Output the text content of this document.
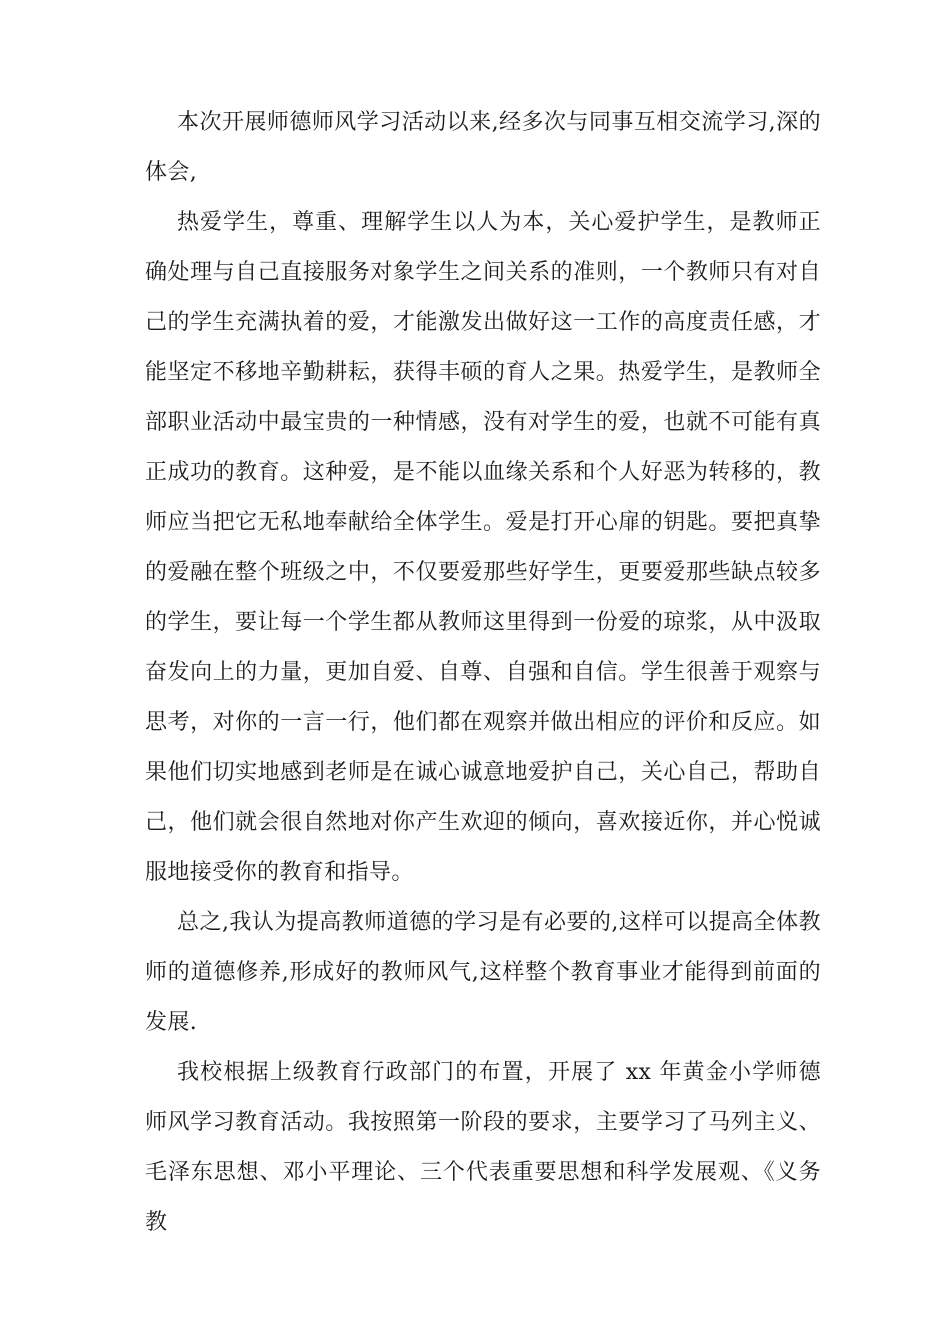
本次开展师德师风学习活动以来,经多次与同事互相交流学习,深的体会,

热爱学生，尊重、理解学生以人为本，关心爱护学生，是教师正确处理与自己直接服务对象学生之间关系的准则，一个教师只有对自己的学生充满执着的爱，才能激发出做好这一工作的高度责任感，才能坚定不移地辛勤耕耘，获得丰硕的育人之果。热爱学生，是教师全部职业活动中最宝贵的一种情感，没有对学生的爱，也就不可能有真正成功的教育。这种爱，是不能以血缘关系和个人好恶为转移的，教师应当把它无私地奉献给全体学生。爱是打开心扉的钥匙。要把真挚的爱融在整个班级之中，不仅要爱那些好学生，更要爱那些缺点较多的学生，要让每一个学生都从教师这里得到一份爱的琼浆，从中汲取奋发向上的力量，更加自爱、自尊、自强和自信。学生很善于观察与思考，对你的一言一行，他们都在观察并做出相应的评价和反应。如果他们切实地感到老师是在诚心诚意地爱护自己，关心自己，帮助自己，他们就会很自然地对你产生欢迎的倾向，喜欢接近你，并心悦诚服地接受你的教育和指导。

总之,我认为提高教师道德的学习是有必要的,这样可以提高全体教师的道德修养,形成好的教师风气,这样整个教育事业才能得到前面的发展.

我校根据上级教育行政部门的布置，开展了 xx 年黄金小学师德师风学习教育活动。我按照第一阶段的要求，主要学习了马列主义、毛泽东思想、邓小平理论、三个代表重要思想和科学发展观、《义务教
